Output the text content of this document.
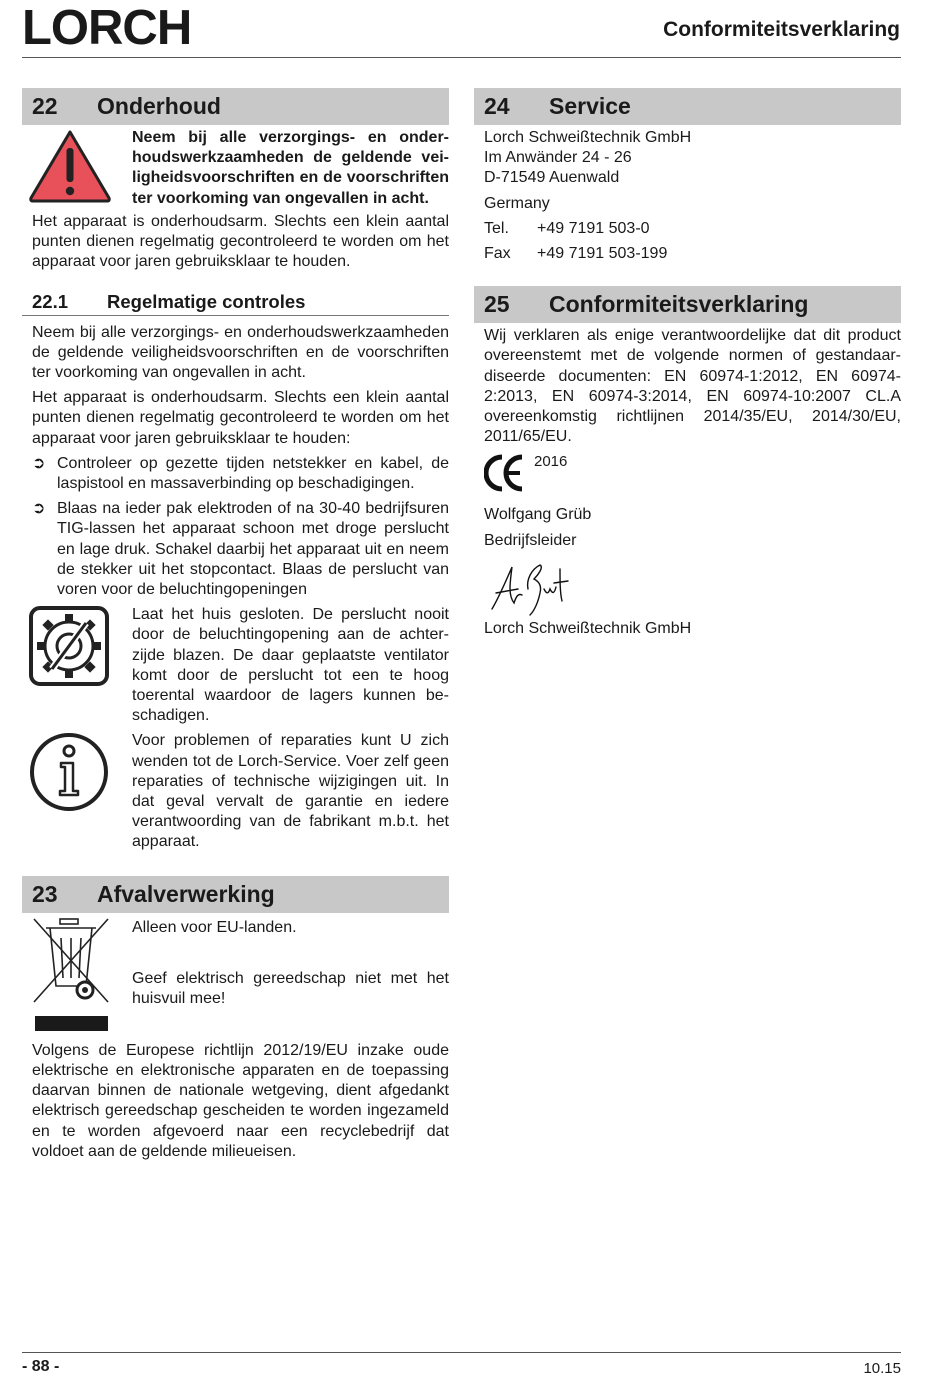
LORCH	Conformiteitsverklaring
22	Onderhoud

Neem bij alle verzorgings- en onderhoudswerkzaamheden de geldende veiligheidsvoorschriften en de voorschriften ter voorkoming van ongevallen in acht.

Het apparaat is onderhoudsarm. Slechts een klein aantal punten dienen regelmatig gecontroleerd te worden om het apparaat voor jaren gebruiksklaar te houden.

22.1	Regelmatige controles

Neem bij alle verzorgings- en onderhoudswerkzaamheden de geldende veiligheidsvoorschriften en de voorschriften ter voorkoming van ongevallen in acht.

Het apparaat is onderhoudsarm. Slechts een klein aantal punten dienen regelmatig gecontroleerd te worden om het apparaat voor jaren gebruiksklaar te houden:

➲ Controleer op gezette tijden netstekker en kabel, de laspistool en massaverbinding op beschadigingen.
➲ Blaas na ieder pak elektroden of na 30-40 bedrijfsuren TIG-lassen het apparaat schoon met droge perslucht en lage druk. Schakel daarbij het apparaat uit en neem de stekker uit het stopcontact. Blaas de perslucht van voren voor de beluchtingopeningen

Laat het huis gesloten. De perslucht nooit door de beluchtingopening aan de achterzijde blazen. De daar geplaatste ventilator komt door de perslucht tot een te hoog toerental waardoor de lagers kunnen beschadigen.

Voor problemen of reparaties kunt U zich wenden tot de Lorch-Service. Voer zelf geen reparaties of technische wijzigingen uit. In dat geval vervalt de garantie en iedere verantwoording van de fabrikant m.b.t. het apparaat.

23	Afvalverwerking

Alleen voor EU-landen.

Geef elektrisch gereedschap niet met het huisvuil mee!

Volgens de Europese richtlijn 2012/19/EU inzake oude elektrische en elektronische apparaten en de toepassing daarvan binnen de nationale wetgeving, dient afgedankt elektrisch gereedschap gescheiden te worden ingezameld en te worden afgevoerd naar een recyclebedrijf dat voldoet aan de geldende milieueisen.

24	Service
Lorch Schweißtechnik GmbH
Im Anwänder 24 - 26
D-71549 Auenwald
Germany
Tel.	+49 7191 503-0
Fax	+49 7191 503-199
25	Conformiteitsverklaring

Wij verklaren als enige verantwoordelijke dat dit product overeenstemt met de volgende normen of gestandaardiseerde documenten: EN 60974-1:2012, EN 60974-2:2013, EN 60974-3:2014, EN 60974-10:2007 CL.A overeenkomstig richtlijnen 2014/35/EU, 2014/30/EU, 2011/65/EU.

2016
Wolfgang Grüb
Bedrijfsleider
Lorch Schweißtechnik GmbH
- 88 -	10.15
